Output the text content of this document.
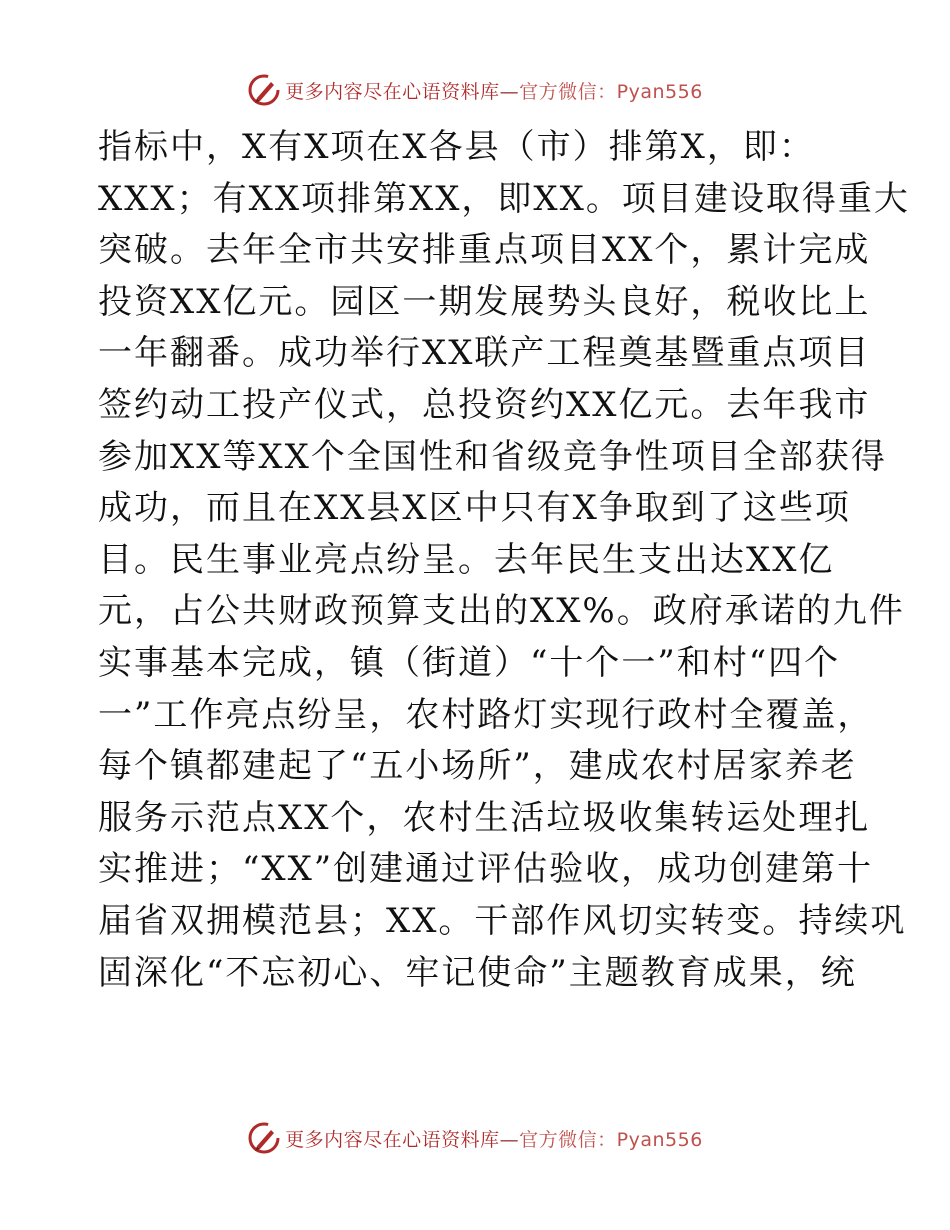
更多内容尽在心语资料库—官方微信：Pyan556
指标中，X有X项在X各县（市）排第X，即：
XXX；有XX项排第XX，即XX。项目建设取得重大
突破。去年全市共安排重点项目XX个，累计完成
投资XX亿元。园区一期发展势头良好，税收比上
一年翻番。成功举行XX联产工程奠基暨重点项目
签约动工投产仪式，总投资约XX亿元。去年我市
参加XX等XX个全国性和省级竞争性项目全部获得
成功，而且在XX县X区中只有X争取到了这些项
目。民生事业亮点纷呈。去年民生支出达XX亿
元，占公共财政预算支出的XX%。政府承诺的九件
实事基本完成，镇（街道）“十个一”和村“四个
一”工作亮点纷呈，农村路灯实现行政村全覆盖，
每个镇都建起了“五小场所”，建成农村居家养老
服务示范点XX个，农村生活垃圾收集转运处理扎
实推进；“XX”创建通过评估验收，成功创建第十
届省双拥模范县；XX。干部作风切实转变。持续巩
固深化“不忘初心、牢记使命”主题教育成果，统
更多内容尽在心语资料库—官方微信：Pyan556
